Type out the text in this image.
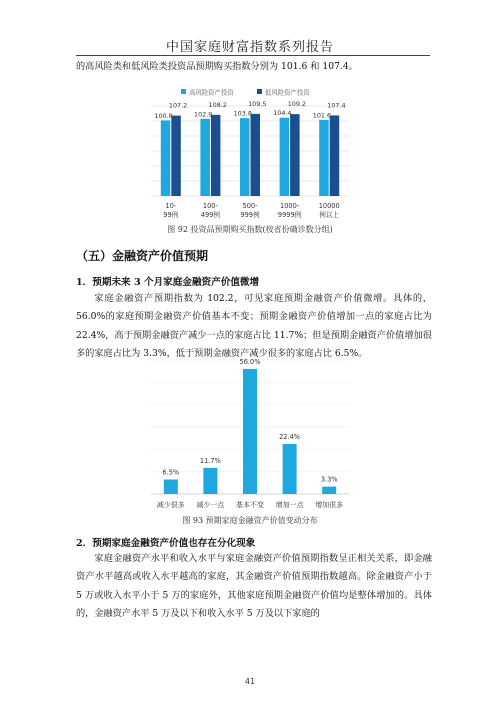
中国家庭财富指数系列报告

的高风险类和低风险类投资品预期购买指数分别为 101.6 和 107.4。

高风险资产投资	低风险资产投资
100.8
107.2
102.9
108.2
103.8
109.5
104.4
109.2
101.6
107.4
10-
99例
100-
499例
500-
999例
1000-
9999例
10000
例以上
图 92 投资品预期购买指数(按省份确诊数分组)

（五）金融资产价值预期

1．预期未来 3 个月家庭金融资产价值微增

家庭金融资产预期指数为 102.2，可见家庭预期金融资产价值微增。具体的，56.0%的家庭预期金融资产价值基本不变；预期金融资产价值增加一点的家庭占比为 22.4%，高于预期金融资产减少一点的家庭占比 11.7%；但是预期金融资产价值增加很多的家庭占比为 3.3%，低于预期金融资产减少很多的家庭占比 6.5%。

6.5%
11.7%
56.0%
22.4%
3.3%
减少很多 减少一点 基本不变 增加一点 增加很多
图 93 预期家庭金融资产价值变动分布

2．预期家庭金融资产价值也存在分化现象

家庭金融资产水平和收入水平与家庭金融资产价值预期指数呈正相关关系，即金融资产水平越高或收入水平越高的家庭，其金融资产价值预期指数越高。除金融资产小于 5 万或收入水平小于 5 万的家庭外，其他家庭预期金融资产价值均是整体增加的。具体的，金融资产水平 5 万及以下和收入水平 5 万及以下家庭的

41
